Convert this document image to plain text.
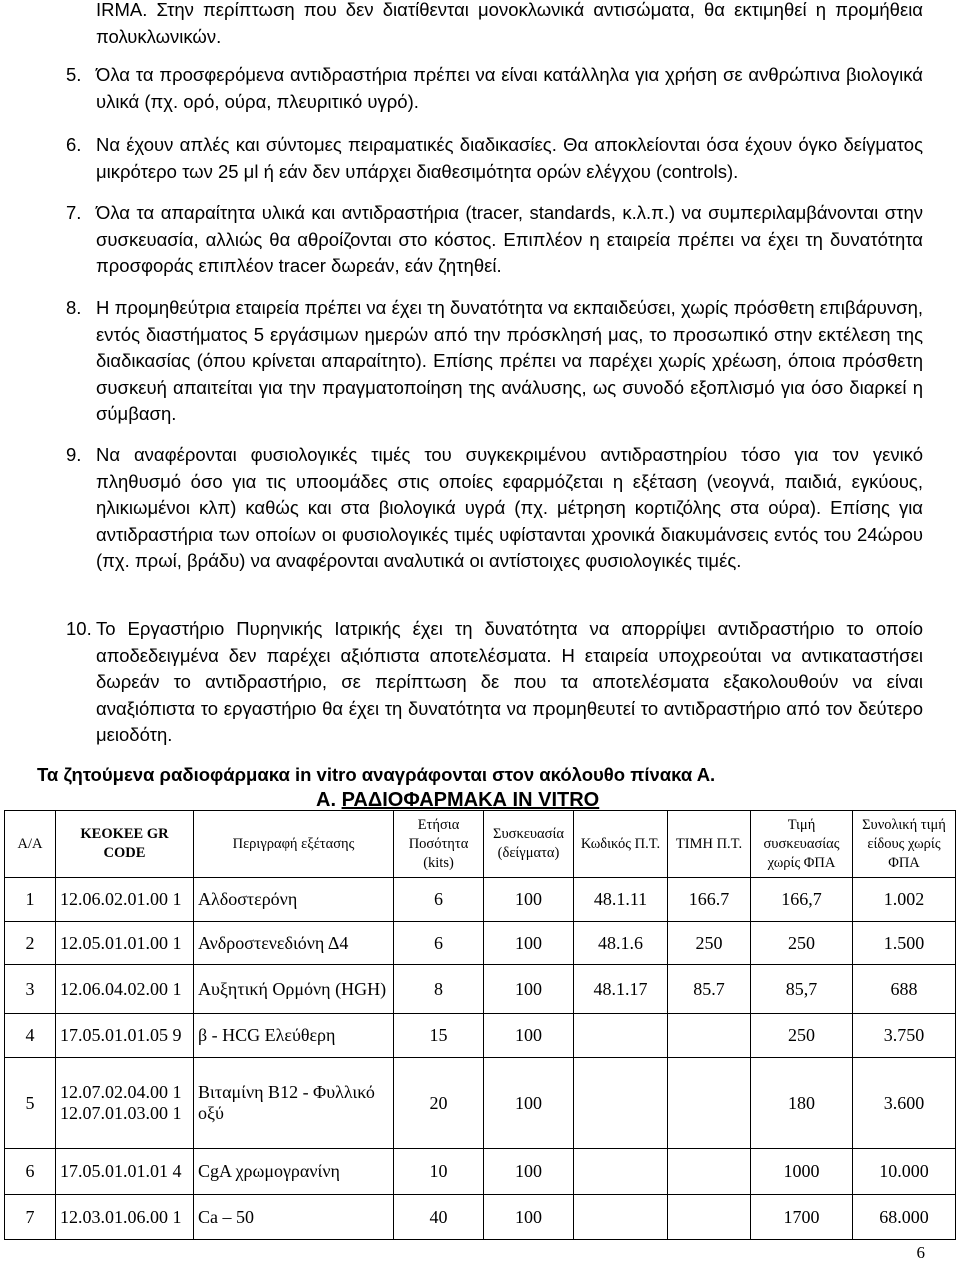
IRMA. Στην περίπτωση που δεν διατίθενται μονοκλωνικά αντισώματα, θα εκτιμηθεί η προμήθεια πολυκλωνικών.
5. Όλα τα προσφερόμενα αντιδραστήρια πρέπει να είναι κατάλληλα για χρήση σε ανθρώπινα βιολογικά υλικά (πχ. ορό, ούρα, πλευριτικό υγρό).
6. Να έχουν απλές και σύντομες πειραματικές διαδικασίες. Θα αποκλείονται όσα έχουν όγκο δείγματος μικρότερο των 25 μl ή εάν δεν υπάρχει διαθεσιμότητα ορών ελέγχου (controls).
7. Όλα τα απαραίτητα υλικά και αντιδραστήρια (tracer, standards, κ.λ.π.) να συμπεριλαμβάνονται στην συσκευασία, αλλιώς θα αθροίζονται στο κόστος. Επιπλέον η εταιρεία πρέπει να έχει τη δυνατότητα προσφοράς επιπλέον tracer δωρεάν, εάν ζητηθεί.
8. Η προμηθεύτρια εταιρεία πρέπει να έχει τη δυνατότητα να εκπαιδεύσει, χωρίς πρόσθετη επιβάρυνση, εντός διαστήματος 5 εργάσιμων ημερών από την πρόσκλησή μας, το προσωπικό στην εκτέλεση της διαδικασίας (όπου κρίνεται απαραίτητο). Επίσης πρέπει να παρέχει χωρίς χρέωση, όποια πρόσθετη συσκευή απαιτείται για την πραγματοποίηση της ανάλυσης, ως συνοδό εξοπλισμό για όσο διαρκεί η σύμβαση.
9. Να αναφέρονται φυσιολογικές τιμές του συγκεκριμένου αντιδραστηρίου τόσο για τον γενικό πληθυσμό όσο για τις υποομάδες στις οποίες εφαρμόζεται η εξέταση (νεογνά, παιδιά, εγκύους, ηλικιωμένοι κλπ) καθώς και στα βιολογικά υγρά (πχ. μέτρηση κορτιζόλης στα ούρα). Επίσης για αντιδραστήρια των οποίων οι φυσιολογικές τιμές υφίστανται χρονικά διακυμάνσεις εντός του 24ώρου (πχ. πρωί, βράδυ) να αναφέρονται αναλυτικά οι αντίστοιχες φυσιολογικές τιμές.
10. Το Εργαστήριο Πυρηνικής Ιατρικής έχει τη δυνατότητα να απορρίψει αντιδραστήριο το οποίο αποδεδειγμένα δεν παρέχει αξιόπιστα αποτελέσματα. Η εταιρεία υποχρεούται να αντικαταστήσει δωρεάν το αντιδραστήριο, σε περίπτωση δε που τα αποτελέσματα εξακολουθούν να είναι αναξιόπιστα το εργαστήριο θα έχει τη δυνατότητα να προμηθευτεί το αντιδραστήριο από τον δεύτερο μειοδότη.
Τα ζητούμενα ραδιοφάρμακα in vitro αναγράφονται στον ακόλουθο πίνακα Α.
Α. ΡΑΔΙΟΦΑΡΜΑΚΑ IN VITRO
Α/Α	ΚΕΟΚΕΕ GR CODE	Περιγραφή εξέτασης	Ετήσια Ποσότητα (kits)	Συσκευασία (δείγματα)	Κωδικός Π.Τ.	ΤΙΜΗ Π.Τ.	Τιμή συσκευασίας χωρίς ΦΠΑ	Συνολική τιμή είδους χωρίς ΦΠΑ
1	12.06.02.01.00 1	Αλδοστερόνη	6	100	48.1.11	166.7	166,7	1.002
2	12.05.01.01.00 1	Ανδροστενεδιόνη Δ4	6	100	48.1.6	250	250	1.500
3	12.06.04.02.00 1	Αυξητική Ορμόνη (HGH)	8	100	48.1.17	85.7	85,7	688
4	17.05.01.01.05 9	β - HCG Ελεύθερη	15	100			250	3.750
5	12.07.02.04.00 1 12.07.01.03.00 1	Βιταμίνη Β12 - Φυλλικό οξύ	20	100			180	3.600
6	17.05.01.01.01 4	CgA χρωμογρανίνη	10	100			1000	10.000
7	12.03.01.06.00 1	Ca – 50	40	100			1700	68.000
6
